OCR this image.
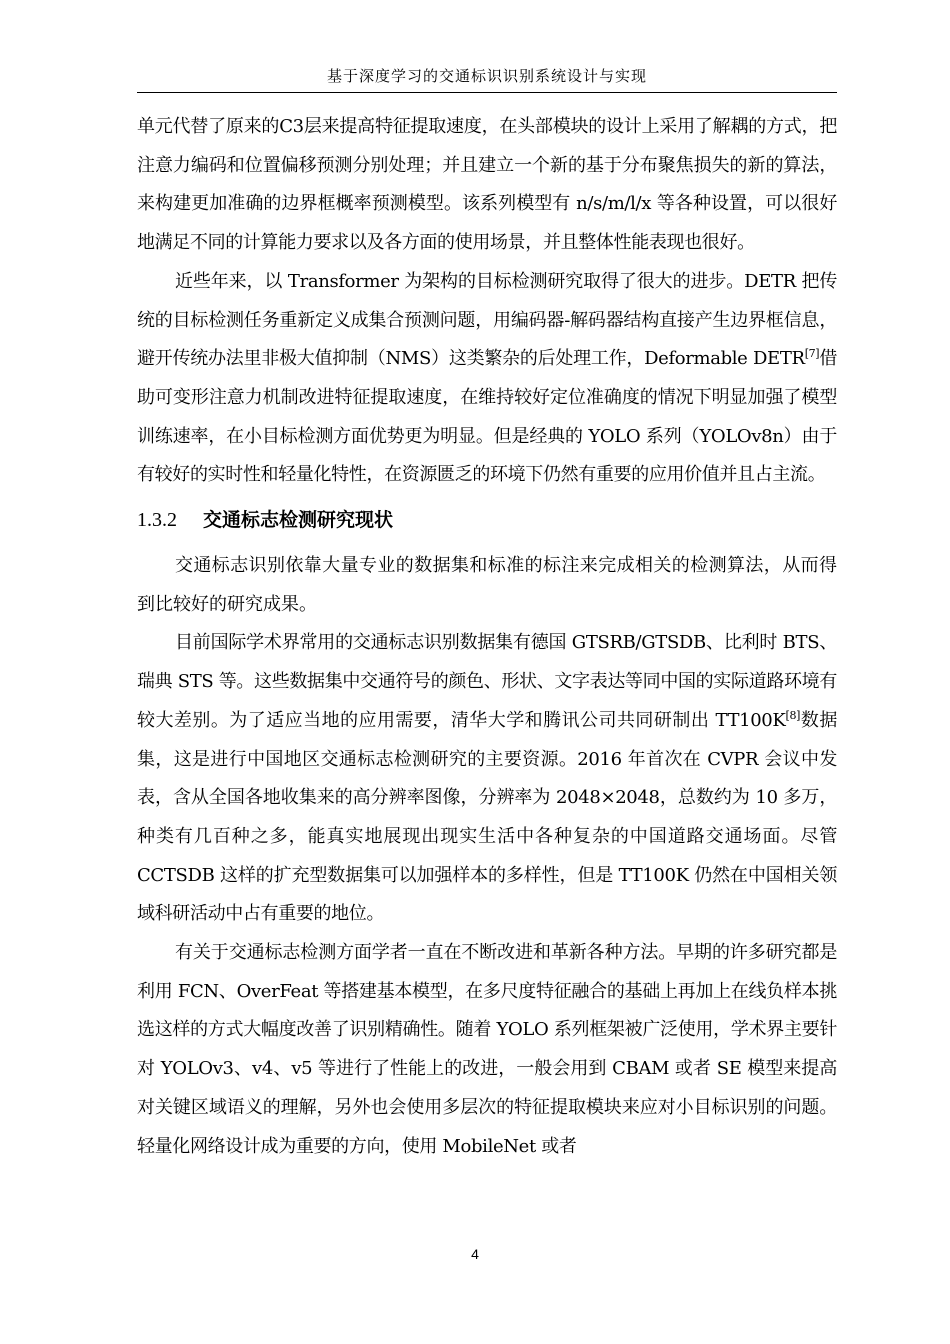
基于深度学习的交通标识识别系统设计与实现

单元代替了原来的C3层来提高特征提取速度，在头部模块的设计上采用了解耦的方式，把注意力编码和位置偏移预测分别处理；并且建立一个新的基于分布聚焦损失的新的算法，来构建更加准确的边界框概率预测模型。该系列模型有 n/s/m/l/x 等各种设置，可以很好地满足不同的计算能力要求以及各方面的使用场景，并且整体性能表现也很好。

近些年来，以 Transformer 为架构的目标检测研究取得了很大的进步。DETR 把传统的目标检测任务重新定义成集合预测问题，用编码器-解码器结构直接产生边界框信息，避开传统办法里非极大值抑制（NMS）这类繁杂的后处理工作，Deformable DETR[7]借助可变形注意力机制改进特征提取速度，在维持较好定位准确度的情况下明显加强了模型训练速率，在小目标检测方面优势更为明显。但是经典的 YOLO 系列（YOLOv8n）由于有较好的实时性和轻量化特性，在资源匮乏的环境下仍然有重要的应用价值并且占主流。

1.3.2 交通标志检测研究现状

交通标志识别依靠大量专业的数据集和标准的标注来完成相关的检测算法，从而得到比较好的研究成果。

目前国际学术界常用的交通标志识别数据集有德国 GTSRB/GTSDB、比利时 BTS、瑞典 STS 等。这些数据集中交通符号的颜色、形状、文字表达等同中国的实际道路环境有较大差别。为了适应当地的应用需要，清华大学和腾讯公司共同研制出 TT100K[8]数据集，这是进行中国地区交通标志检测研究的主要资源。2016 年首次在 CVPR 会议中发表，含从全国各地收集来的高分辨率图像，分辨率为 2048×2048，总数约为 10 多万，种类有几百种之多，能真实地展现出现实生活中各种复杂的中国道路交通场面。尽管 CCTSDB 这样的扩充型数据集可以加强样本的多样性，但是 TT100K 仍然在中国相关领域科研活动中占有重要的地位。

有关于交通标志检测方面学者一直在不断改进和革新各种方法。早期的许多研究都是利用 FCN、OverFeat 等搭建基本模型，在多尺度特征融合的基础上再加上在线负样本挑选这样的方式大幅度改善了识别精确性。随着 YOLO 系列框架被广泛使用，学术界主要针对 YOLOv3、v4、v5 等进行了性能上的改进，一般会用到 CBAM 或者 SE 模型来提高对关键区域语义的理解，另外也会使用多层次的特征提取模块来应对小目标识别的问题。轻量化网络设计成为重要的方向，使用 MobileNet 或者

4
